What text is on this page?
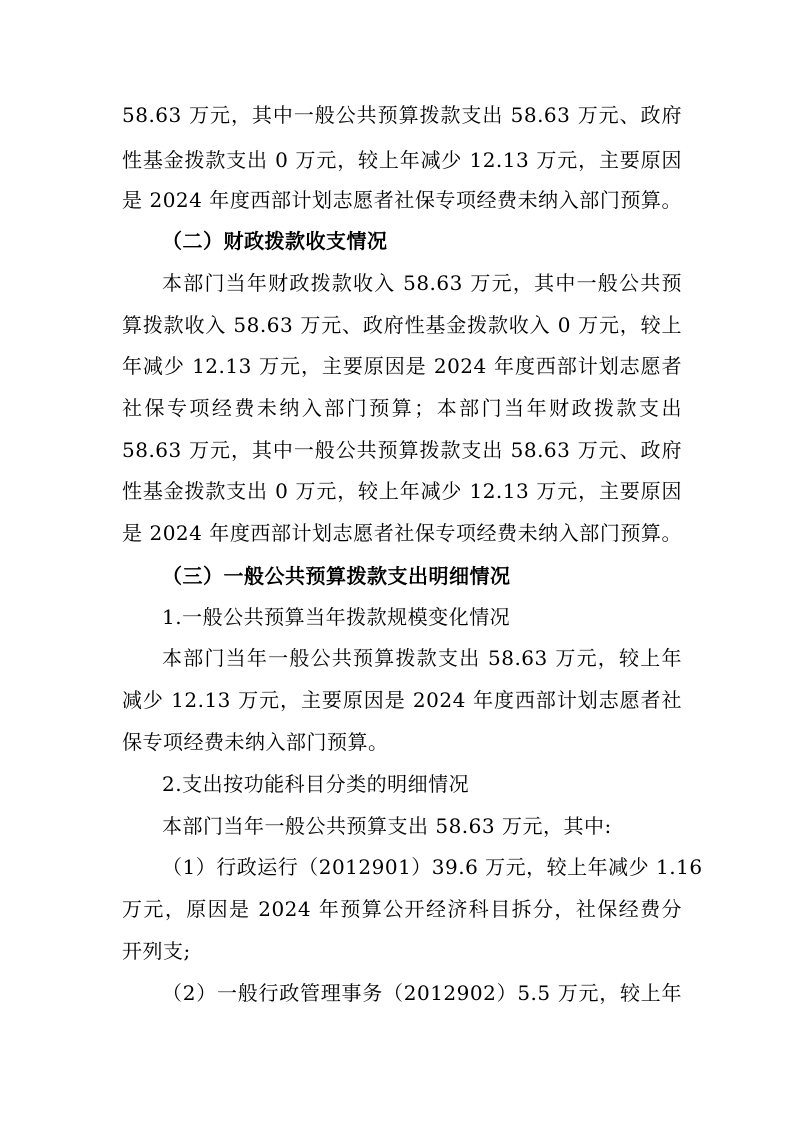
58.63 万元，其中一般公共预算拨款支出 58.63 万元、政府
性基金拨款支出 0 万元，较上年减少 12.13 万元，主要原因
是 2024 年度西部计划志愿者社保专项经费未纳入部门预算。
（二）财政拨款收支情况
本部门当年财政拨款收入 58.63 万元，其中一般公共预
算拨款收入 58.63 万元、政府性基金拨款收入 0 万元，较上
年减少 12.13 万元，主要原因是 2024 年度西部计划志愿者
社保专项经费未纳入部门预算；本部门当年财政拨款支出
58.63 万元，其中一般公共预算拨款支出 58.63 万元、政府
性基金拨款支出 0 万元，较上年减少 12.13 万元，主要原因
是 2024 年度西部计划志愿者社保专项经费未纳入部门预算。
（三）一般公共预算拨款支出明细情况
1.一般公共预算当年拨款规模变化情况
本部门当年一般公共预算拨款支出 58.63 万元，较上年
减少 12.13 万元，主要原因是 2024 年度西部计划志愿者社
保专项经费未纳入部门预算。
2.支出按功能科目分类的明细情况
本部门当年一般公共预算支出 58.63 万元，其中:
（1）行政运行（2012901）39.6 万元，较上年减少 1.16
万元，原因是 2024 年预算公开经济科目拆分，社保经费分
开列支;
（2）一般行政管理事务（2012902）5.5 万元，较上年
